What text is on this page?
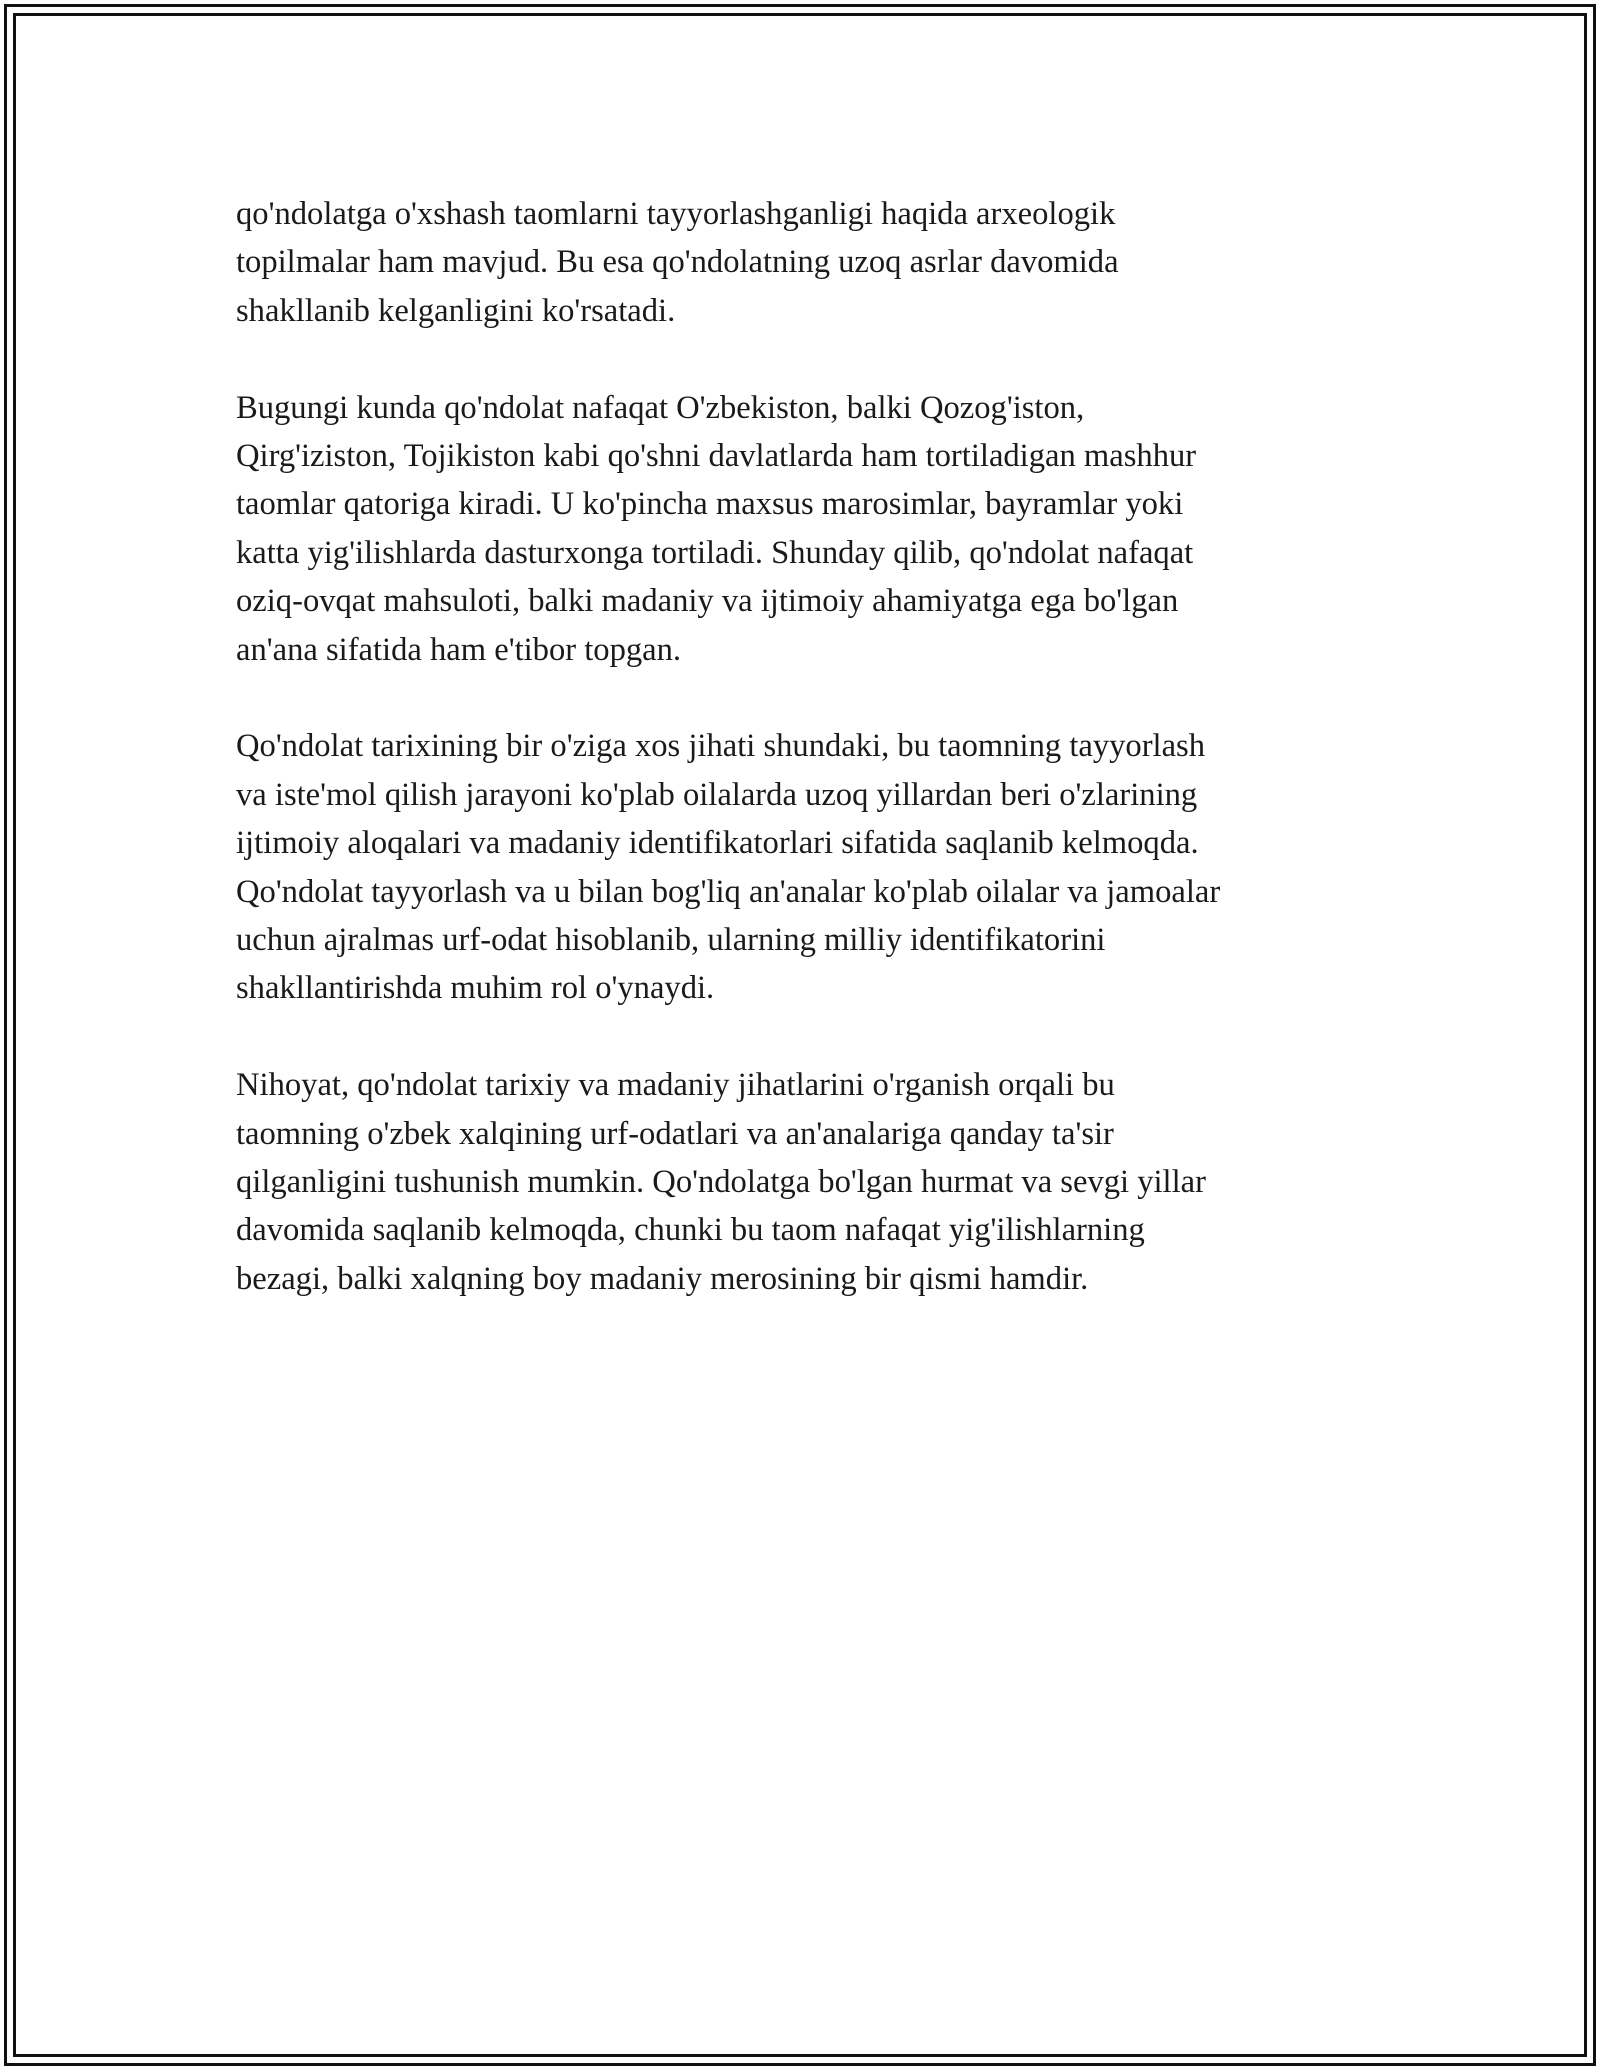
qo'ndolatga o'xshash taomlarni tayyorlashganligi haqida arxeologik
topilmalar ham mavjud. Bu esa qo'ndolatning uzoq asrlar davomida
shakllanib kelganligini ko'rsatadi.
Bugungi kunda qo'ndolat nafaqat O'zbekiston, balki Qozog'iston,
Qirg'iziston, Tojikiston kabi qo'shni davlatlarda ham tortiladigan mashhur
taomlar qatoriga kiradi. U ko'pincha maxsus marosimlar, bayramlar yoki
katta yig'ilishlarda dasturxonga tortiladi. Shunday qilib, qo'ndolat nafaqat
oziq-ovqat mahsuloti, balki madaniy va ijtimoiy ahamiyatga ega bo'lgan
an'ana sifatida ham e'tibor topgan.
Qo'ndolat tarixining bir o'ziga xos jihati shundaki, bu taomning tayyorlash
va iste'mol qilish jarayoni ko'plab oilalarda uzoq yillardan beri o'zlarining
ijtimoiy aloqalari va madaniy identifikatorlari sifatida saqlanib kelmoqda.
Qo'ndolat tayyorlash va u bilan bog'liq an'analar ko'plab oilalar va jamoalar
uchun ajralmas urf-odat hisoblanib, ularning milliy identifikatorini
shakllantirishda muhim rol o'ynaydi.
Nihoyat, qo'ndolat tarixiy va madaniy jihatlarini o'rganish orqali bu
taomning o'zbek xalqining urf-odatlari va an'analariga qanday ta'sir
qilganligini tushunish mumkin. Qo'ndolatga bo'lgan hurmat va sevgi yillar
davomida saqlanib kelmoqda, chunki bu taom nafaqat yig'ilishlarning
bezagi, balki xalqning boy madaniy merosining bir qismi hamdir.
